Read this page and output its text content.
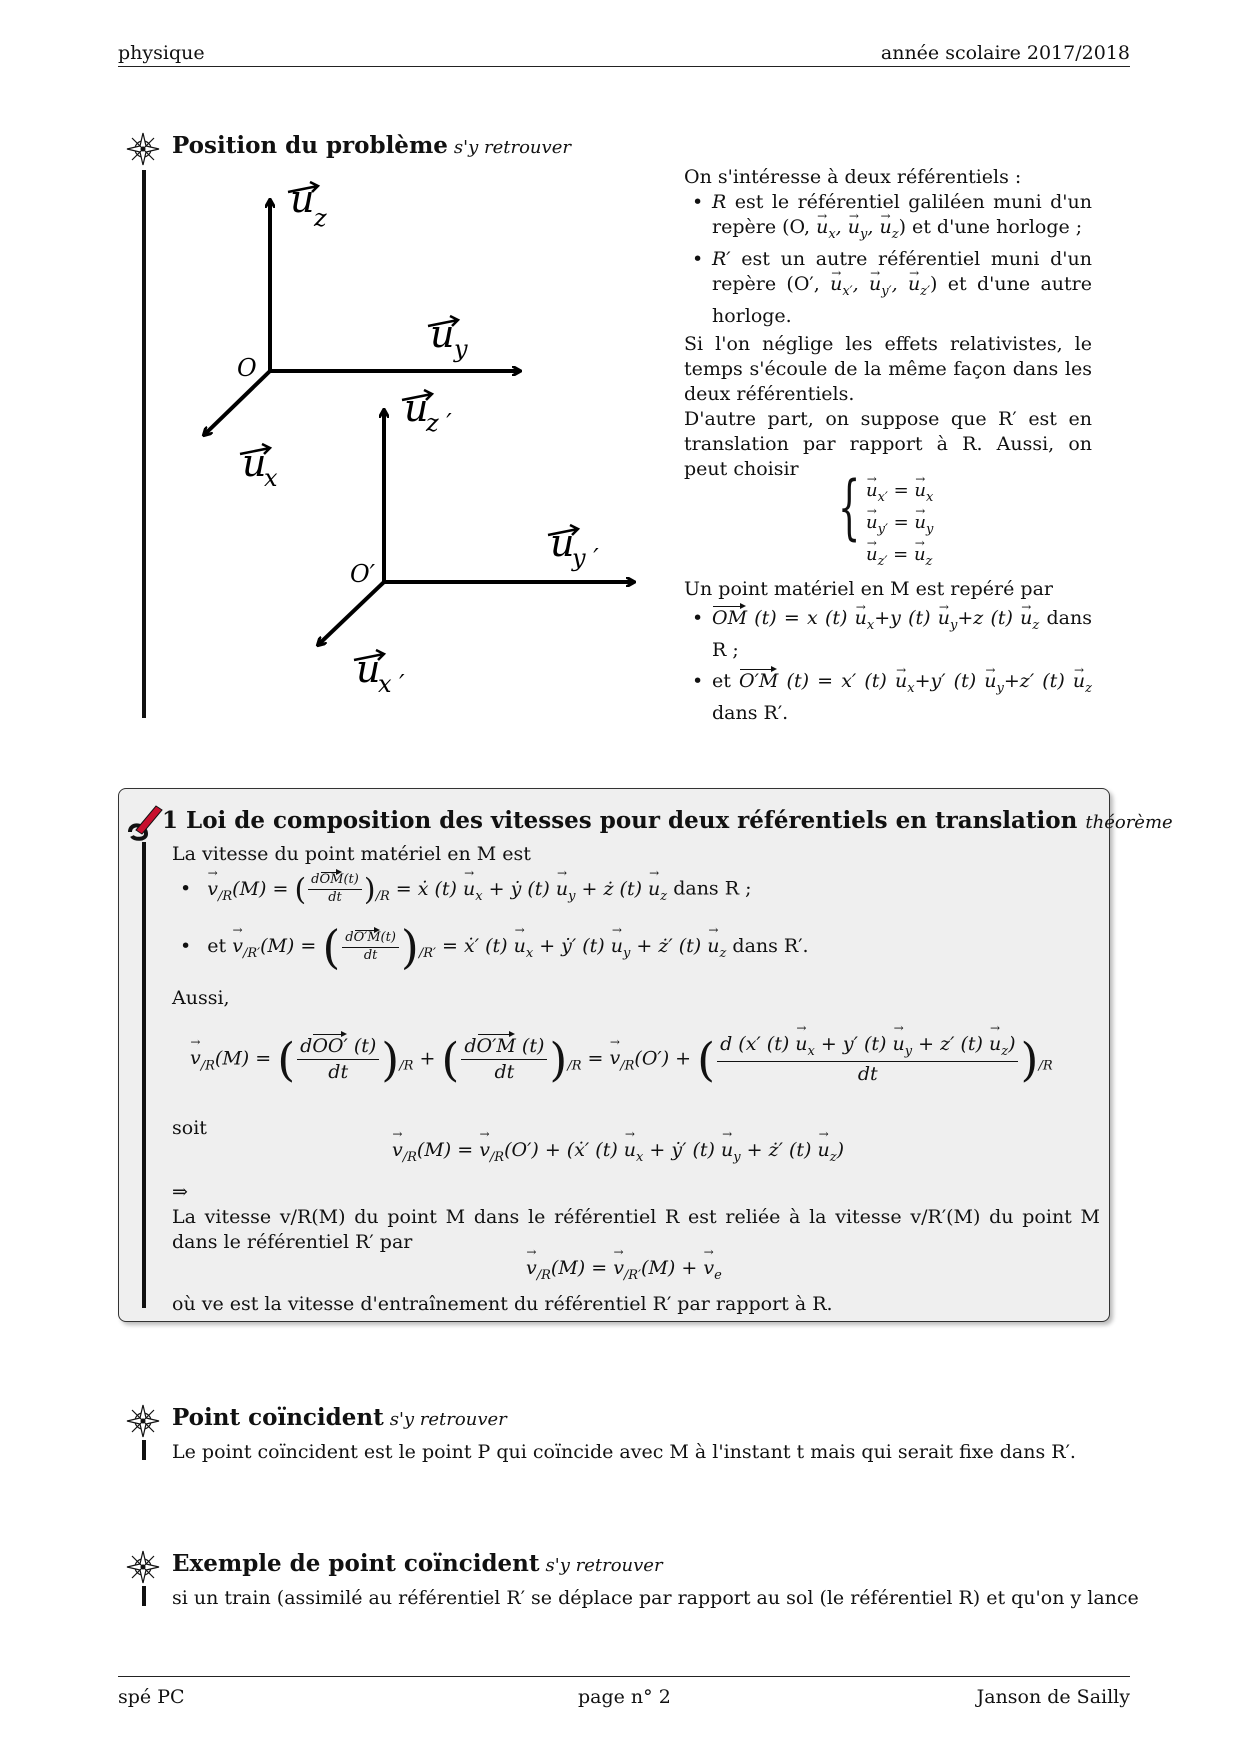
physique	année scolaire 2017/2018
Position du problème s'y retrouver
O
O′
u z
u y
u
x
u
z ′
u
y ′
u
x ′
On s'intéresse à deux référentiels :
• R est le référentiel galiléen muni d'un repère (O, → $u_x$, → $u_y$, → $u_z$) et d'une horloge ;
• R′ est un autre référentiel muni d'un repère (O′, → $u_{x'}$, → $u_{y'}$, → $u_{z'}$) et d'une autre horloge.
Si l'on néglige les effets relativistes, le temps s'écoule de la même façon dans les deux référentiels.
D'autre part, on suppose que R′ est en translation par rapport à R. Aussi, on peut choisir { → $u_{x'}$ = → $u_x$
→ $u_{y'}$ = → $u_y$
→ $u_{z'}$ = → $u_z$
Un point matériel en M est repéré par
• OM (t) = x $(t) \to u_x+y$ $(t) \to u_y+z$ $(t) \to u_z$ dans R ;
• et O′M (t) = x′ $(t) \to u_x+y'$ $(t) \to u_y+z'$ $(t) \to u_z$ dans R′.
1 Loi de composition des vitesses pour deux référentiels en translation théorème
La vitesse du point matériel en M est
• → $v_{/R}(M)$ = ( $\frac{\text{dOM(t)}}{dt} )_{/R}$ = ẋ $(t) \to u_x$ + ẏ $(t) \to u_y$ + ż $(t) \to u_z$ dans R ;
• et → $v_{/R'}(M)$ = ( $\frac{dO'M(t)}{dt} )_{/R'}$ = ẋ′ $(t) \to u_x$ + ẏ′ $(t) \to u_y$ + ż′ $(t) \to u_z$ dans R′.
Aussi,
→ $v_{/R}(M)$ = ( $\frac{\text{dOO′ (t)}}{dt} )_{/R}$ + ( $\frac{dO'M (t)}{dt} )_{/R}$ = → $v_{/R}(O')$ + ( $\frac{d (x' (t) \to u_x + y' (t) \to u_y + z' (t) \to u_z)}{dt} )_{/R}$
soit
→ $v_{/R}(M)$ = → $v_{/R}(O')$ + (ẋ′ $(t) \to u_x$ + ẏ′ $(t) \to u_y$ + ż′ $(t) \to u_z$)
⇒
La vitesse v/R(M) du point M dans le référentiel R est reliée à la vitesse v/R′(M) du point M dans le référentiel R′ par
→ $v_{/R}(M)$ = → $v_{/R'}(M)$ + → $v_e$
où ve est la vitesse d'entraînement du référentiel R′ par rapport à R.
Point coïncident s'y retrouver
Le point coïncident est le point P qui coïncide avec M à l'instant t mais qui serait fixe dans R′.
Exemple de point coïncident s'y retrouver
si un train (assimilé au référentiel R′ se déplace par rapport au sol (le référentiel R) et qu'on y lance
spé PC	page n° 2	Janson de Sailly
